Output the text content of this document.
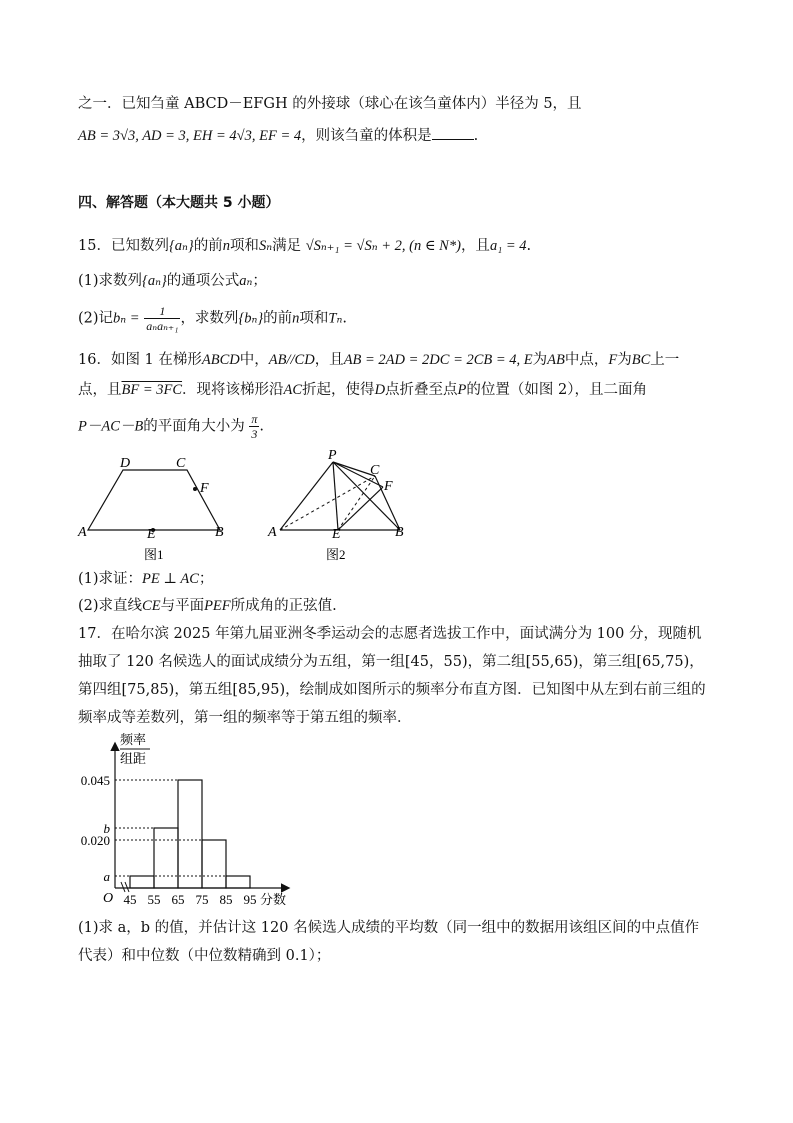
之一．已知刍童 ABCD－EFGH 的外接球（球心在该刍童体内）半径为 5，且
AB = 3√3, AD = 3, EH = 4√3, EF = 4，则该刍童的体积是	.
四、解答题（本大题共 5 小题）
15．已知数列{aₙ}的前n项和Sₙ满足 √Sₙ₊₁ = √Sₙ + 2, (n ∈ N*)，且a₁ = 4.
(1)求数列{aₙ}的通项公式aₙ；
(2)记$b_n = \frac{1}{\text{aₙaₙ₊₁}}$ ，求数列{bₙ}的前n项和Tₙ.
16．如图 1 在梯形ABCD中，AB//CD，且AB = 2AD = 2DC = 2CB = 4, E为AB中点，F为BC上一
点，且BF = 3FC．现将该梯形沿AC折起，使得D点折叠至点P的位置（如图 2），且二面角
P－AC－B的平面角大小为 $\frac{\pi}{3}$ .
D	C
F
A	E	B
图1
P
C
F
A	E	B
图2
(1)求证：PE ⊥ AC；
(2)求直线CE与平面PEF所成角的正弦值.
17．在哈尔滨 2025 年第九届亚洲冬季运动会的志愿者选拔工作中，面试满分为 100 分，现随机
抽取了 120 名候选人的面试成绩分为五组，第一组[45，55)，第二组[55,65)，第三组[65,75)，
第四组[75,85)，第五组[85,95)，绘制成如图所示的频率分布直方图．已知图中从左到右前三组的
频率成等差数列，第一组的频率等于第五组的频率．
频率
组距
O	分数
0.045
b
0.020
a
45 55 65 75 85 95
(1)求 a，b 的值，并估计这 120 名候选人成绩的平均数（同一组中的数据用该组区间的中点值作
代表）和中位数（中位数精确到 0.1）；
